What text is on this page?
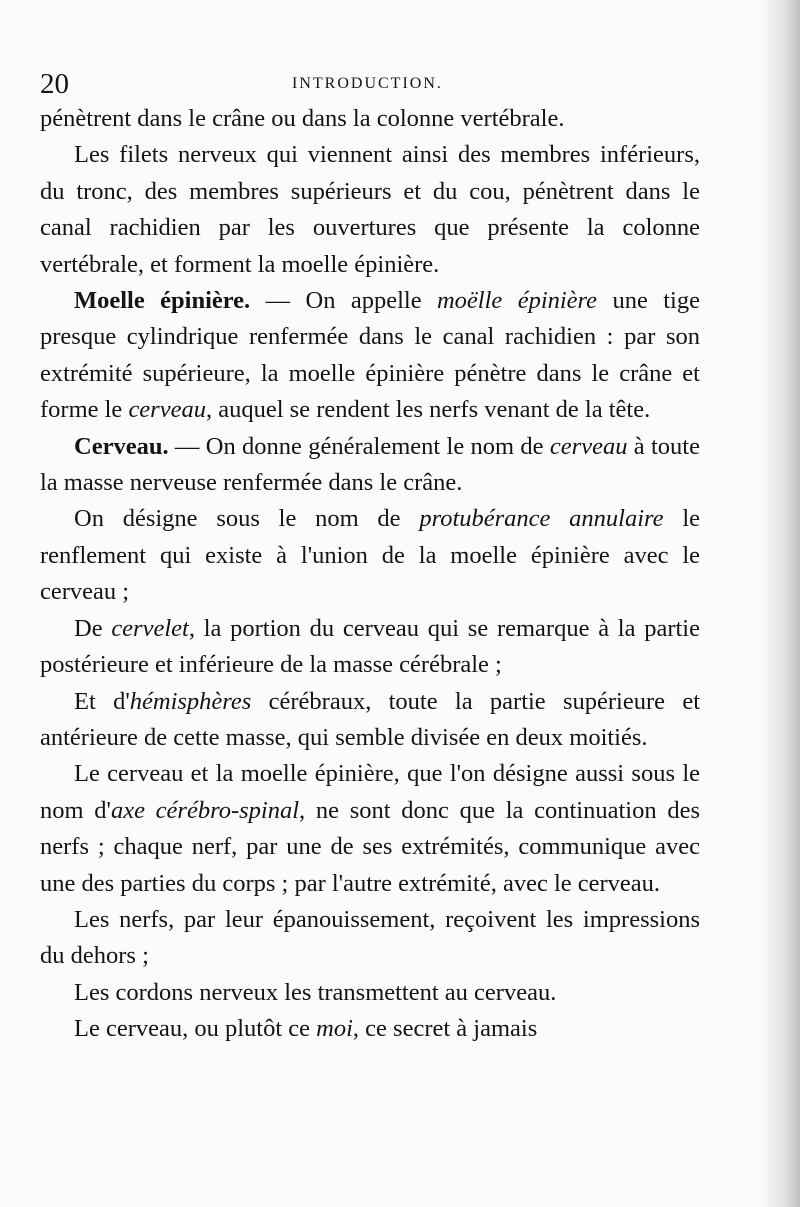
20	INTRODUCTION.

pénètrent dans le crâne ou dans la colonne vertébrale.

Les filets nerveux qui viennent ainsi des membres inférieurs, du tronc, des membres supérieurs et du cou, pénètrent dans le canal rachidien par les ouvertures que présente la colonne vertébrale, et forment la moelle épinière.

Moelle épinière. — On appelle moëlle épinière une tige presque cylindrique renfermée dans le canal rachidien : par son extrémité supérieure, la moelle épinière pénètre dans le crâne et forme le cerveau, auquel se rendent les nerfs venant de la tête.

Cerveau. — On donne généralement le nom de cerveau à toute la masse nerveuse renfermée dans le crâne.

On désigne sous le nom de protubérance annulaire le renflement qui existe à l'union de la moelle épinière avec le cerveau ;

De cervelet, la portion du cerveau qui se remarque à la partie postérieure et inférieure de la masse cérébrale ;

Et d'hémisphères cérébraux, toute la partie supérieure et antérieure de cette masse, qui semble divisée en deux moitiés.

Le cerveau et la moelle épinière, que l'on désigne aussi sous le nom d'axe cérébro-spinal, ne sont donc que la continuation des nerfs ; chaque nerf, par une de ses extrémités, communique avec une des parties du corps ; par l'autre extrémité, avec le cerveau.

Les nerfs, par leur épanouissement, reçoivent les impressions du dehors ;

Les cordons nerveux les transmettent au cerveau.

Le cerveau, ou plutôt ce moi, ce secret à jamais
